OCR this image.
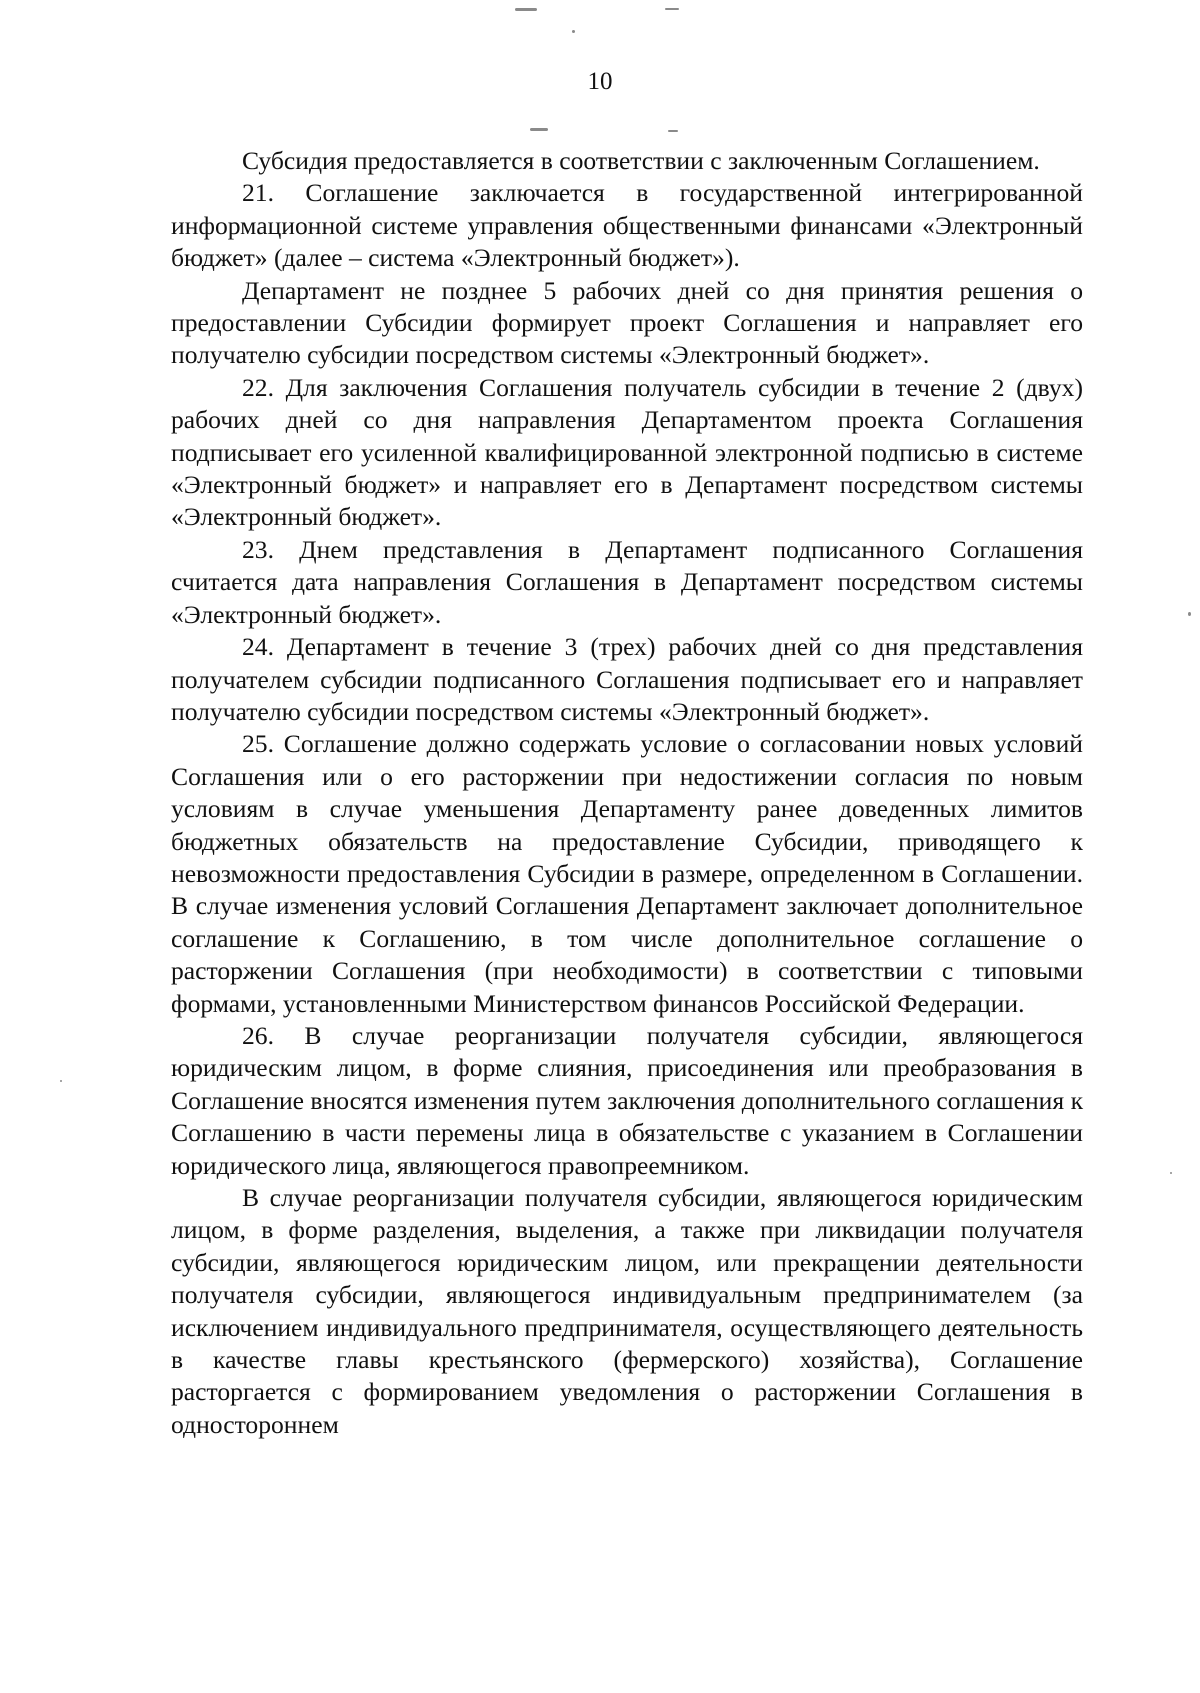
10

Субсидия предоставляется в соответствии с заключенным Соглашением.

21. Соглашение заключается в государственной интегрированной информационной системе управления общественными финансами «Электронный бюджет» (далее – система «Электронный бюджет»).

Департамент не позднее 5 рабочих дней со дня принятия решения о предоставлении Субсидии формирует проект Соглашения и направляет его получателю субсидии посредством системы «Электронный бюджет».

22. Для заключения Соглашения получатель субсидии в течение 2 (двух) рабочих дней со дня направления Департаментом проекта Соглашения подписывает его усиленной квалифицированной электронной подписью в системе «Электронный бюджет» и направляет его в Департамент посредством системы «Электронный бюджет».

23. Днем представления в Департамент подписанного Соглашения считается дата направления Соглашения в Департамент посредством системы «Электронный бюджет».

24. Департамент в течение 3 (трех) рабочих дней со дня представления получателем субсидии подписанного Соглашения подписывает его и направляет получателю субсидии посредством системы «Электронный бюджет».

25. Соглашение должно содержать условие о согласовании новых условий Соглашения или о его расторжении при недостижении согласия по новым условиям в случае уменьшения Департаменту ранее доведенных лимитов бюджетных обязательств на предоставление Субсидии, приводящего к невозможности предоставления Субсидии в размере, определенном в Соглашении. В случае изменения условий Соглашения Департамент заключает дополнительное соглашение к Соглашению, в том числе дополнительное соглашение о расторжении Соглашения (при необходимости) в соответствии с типовыми формами, установленными Министерством финансов Российской Федерации.

26. В случае реорганизации получателя субсидии, являющегося юридическим лицом, в форме слияния, присоединения или преобразования в Соглашение вносятся изменения путем заключения дополнительного соглашения к Соглашению в части перемены лица в обязательстве с указанием в Соглашении юридического лица, являющегося правопреемником.

В случае реорганизации получателя субсидии, являющегося юридическим лицом, в форме разделения, выделения, а также при ликвидации получателя субсидии, являющегося юридическим лицом, или прекращении деятельности получателя субсидии, являющегося индивидуальным предпринимателем (за исключением индивидуального предпринимателя, осуществляющего деятельность в качестве главы крестьянского (фермерского) хозяйства), Соглашение расторгается с формированием уведомления о расторжении Соглашения в одностороннем
